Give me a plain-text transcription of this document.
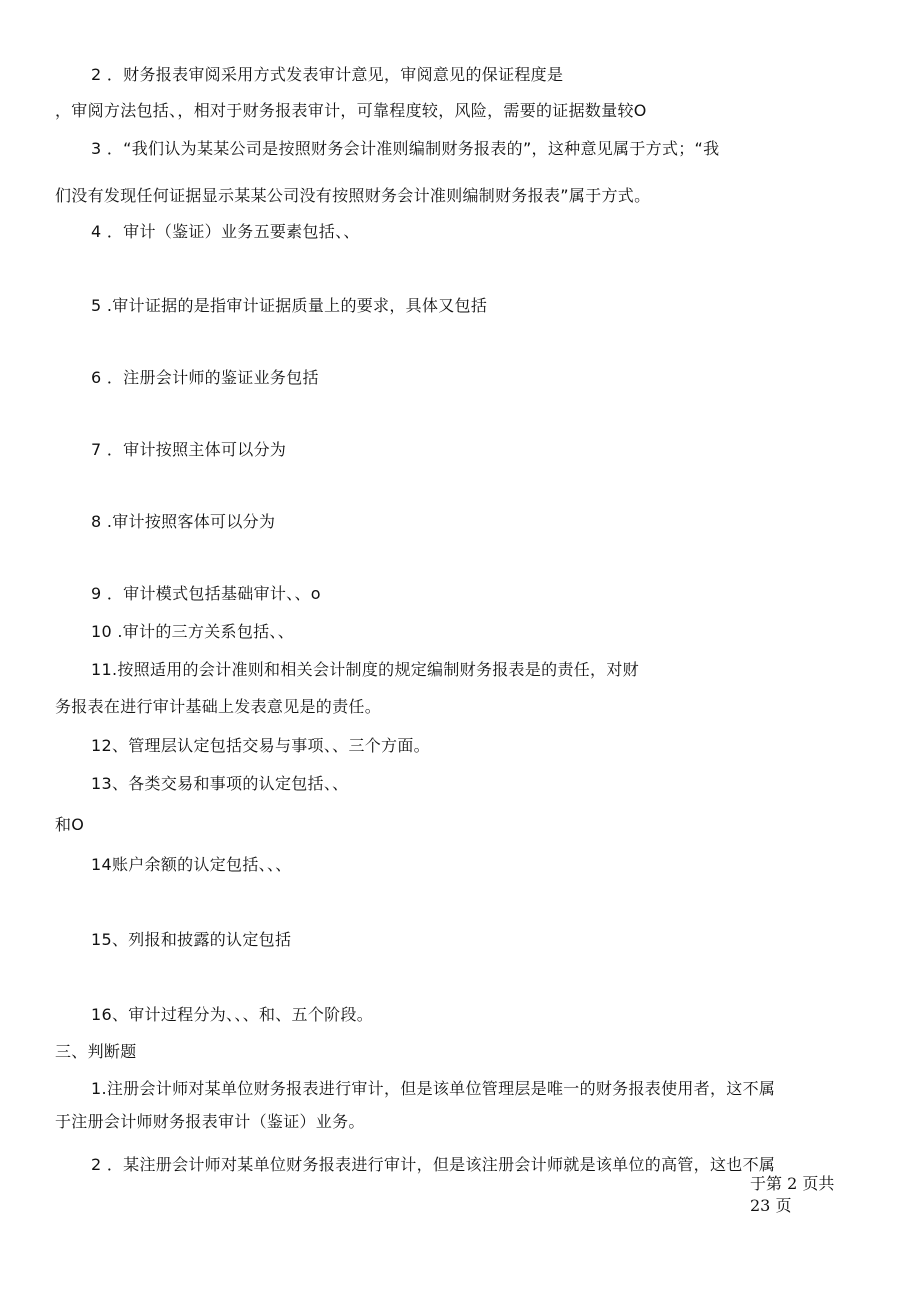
2 ．财务报表审阅采用方式发表审计意见，审阅意见的保证程度是
，审阅方法包括、，相对于财务报表审计，可靠程度较，风险，需要的证据数量较O
3 ．“我们认为某某公司是按照财务会计准则编制财务报表的”，这种意见属于方式；“我
们没有发现任何证据显示某某公司没有按照财务会计准则编制财务报表”属于方式。
4 ．审计（鉴证）业务五要素包括、、
5 .审计证据的是指审计证据质量上的要求，具体又包括
6 ．注册会计师的鉴证业务包括
7 ．审计按照主体可以分为
8 .审计按照客体可以分为
9 ．审计模式包括基础审计、、o
10 .审计的三方关系包括、、
11.按照适用的会计准则和相关会计制度的规定编制财务报表是的责任，对财
务报表在进行审计基础上发表意见是的责任。
12、管理层认定包括交易与事项、、三个方面。
13、各类交易和事项的认定包括、、
和O
14账户余额的认定包括、、、
15、列报和披露的认定包括
16、审计过程分为、、、和、五个阶段。
三、判断题
1.注册会计师对某单位财务报表进行审计，但是该单位管理层是唯一的财务报表使用者，这不属
于注册会计师财务报表审计（鉴证）业务。
2 ．某注册会计师对某单位财务报表进行审计，但是该注册会计师就是该单位的高管，这也不属
于第 2 页共
23 页
